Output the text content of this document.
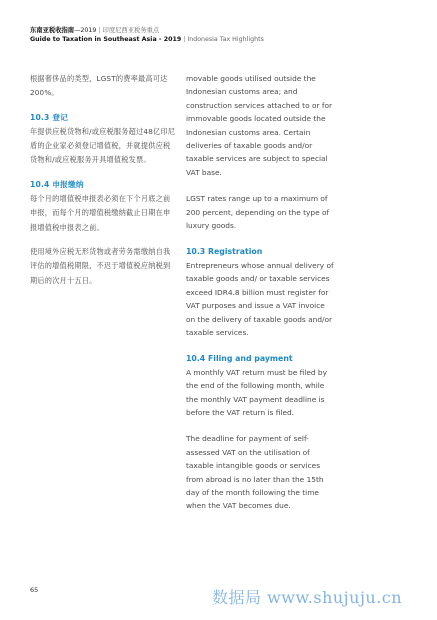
东南亚税收指南—2019 | 印度尼西亚税务重点
Guide to Taxation in Southeast Asia - 2019 | Indonesia Tax Highlights

根据奢侈品的类型，LGST的费率最高可达200%。

10.3 登记

年提供应税货物和/或应税服务超过48亿印尼盾的企业家必须登记增值税，并就提供应税货物和/或应税服务开具增值税发票。

10.4 申报缴纳

每个月的增值税申报表必须在下个月底之前申报，而每个月的增值税缴纳截止日期在申报增值税申报表之前。

使用境外应税无形货物或者劳务需缴纳自我评估的增值税期限，不迟于增值税应纳税到期后的次月十五日。

movable goods utilised outside the Indonesian customs area; and construction services attached to or for immovable goods located outside the Indonesian customs area. Certain deliveries of taxable goods and/or taxable services are subject to special VAT base.

LGST rates range up to a maximum of 200 percent, depending on the type of luxury goods.

10.3 Registration

Entrepreneurs whose annual delivery of taxable goods and/ or taxable services exceed IDR4.8 billion must register for VAT purposes and issue a VAT invoice on the delivery of taxable goods and/or taxable services.

10.4 Filing and payment

A monthly VAT return must be filed by the end of the following month, while the monthly VAT payment deadline is before the VAT return is filed.

The deadline for payment of self-assessed VAT on the utilisation of taxable intangible goods or services from abroad is no later than the 15th day of the month following the time when the VAT becomes due.

65	数据局 www.shujuju.cn
